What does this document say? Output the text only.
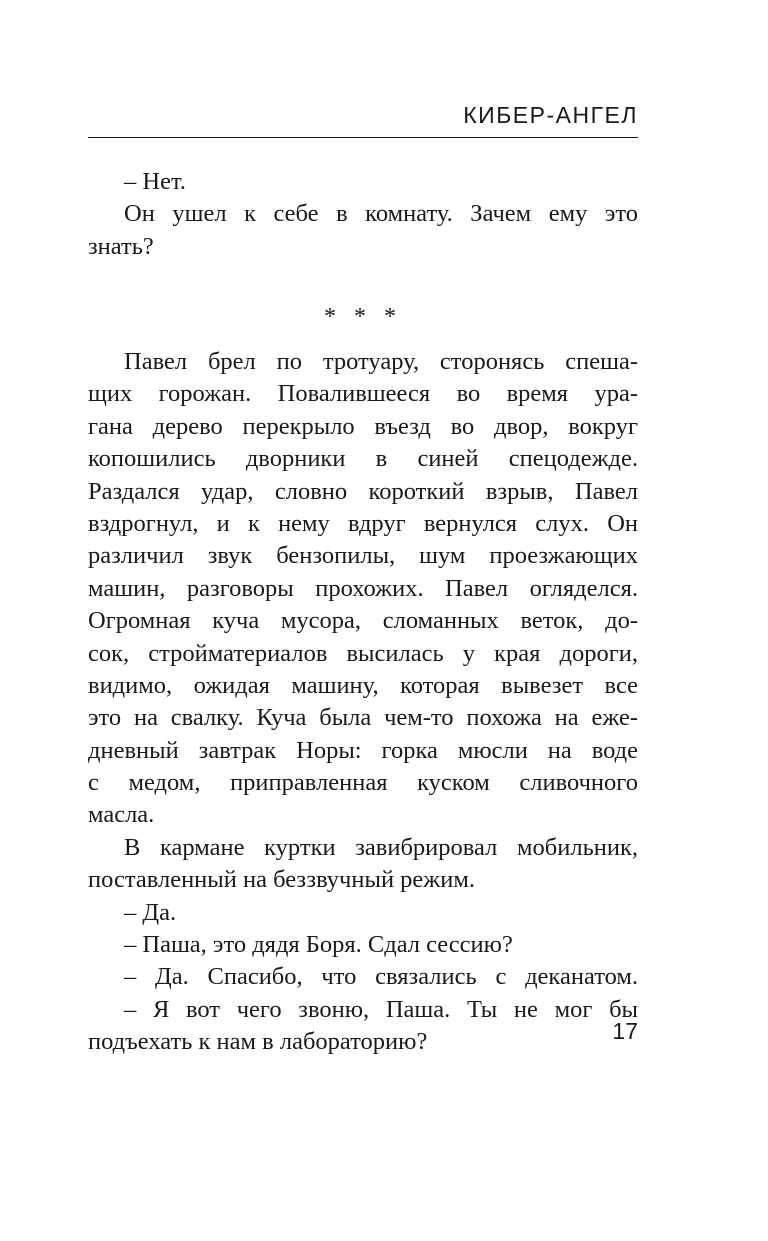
КИБЕР-АНГЕЛ
– Нет.
Он ушел к себе в комнату. Зачем ему это
знать?
* * *
Павел брел по тротуару, сторонясь спеша-
щих горожан. Повалившееся во время ура-
гана дерево перекрыло въезд во двор, вокруг
копошились дворники в синей спецодежде.
Раздался удар, словно короткий взрыв, Павел
вздрогнул, и к нему вдруг вернулся слух. Он
различил звук бензопилы, шум проезжающих
машин, разговоры прохожих. Павел огляделся.
Огромная куча мусора, сломанных веток, до-
сок, стройматериалов высилась у края дороги,
видимо, ожидая машину, которая вывезет все
это на свалку. Куча была чем-то похожа на еже-
дневный завтрак Норы: горка мюсли на воде
с медом, приправленная куском сливочного
масла.
В кармане куртки завибрировал мобильник,
поставленный на беззвучный режим.
– Да.
– Паша, это дядя Боря. Сдал сессию?
– Да. Спасибо, что связались с деканатом.
– Я вот чего звоню, Паша. Ты не мог бы
подъехать к нам в лабораторию?	17
